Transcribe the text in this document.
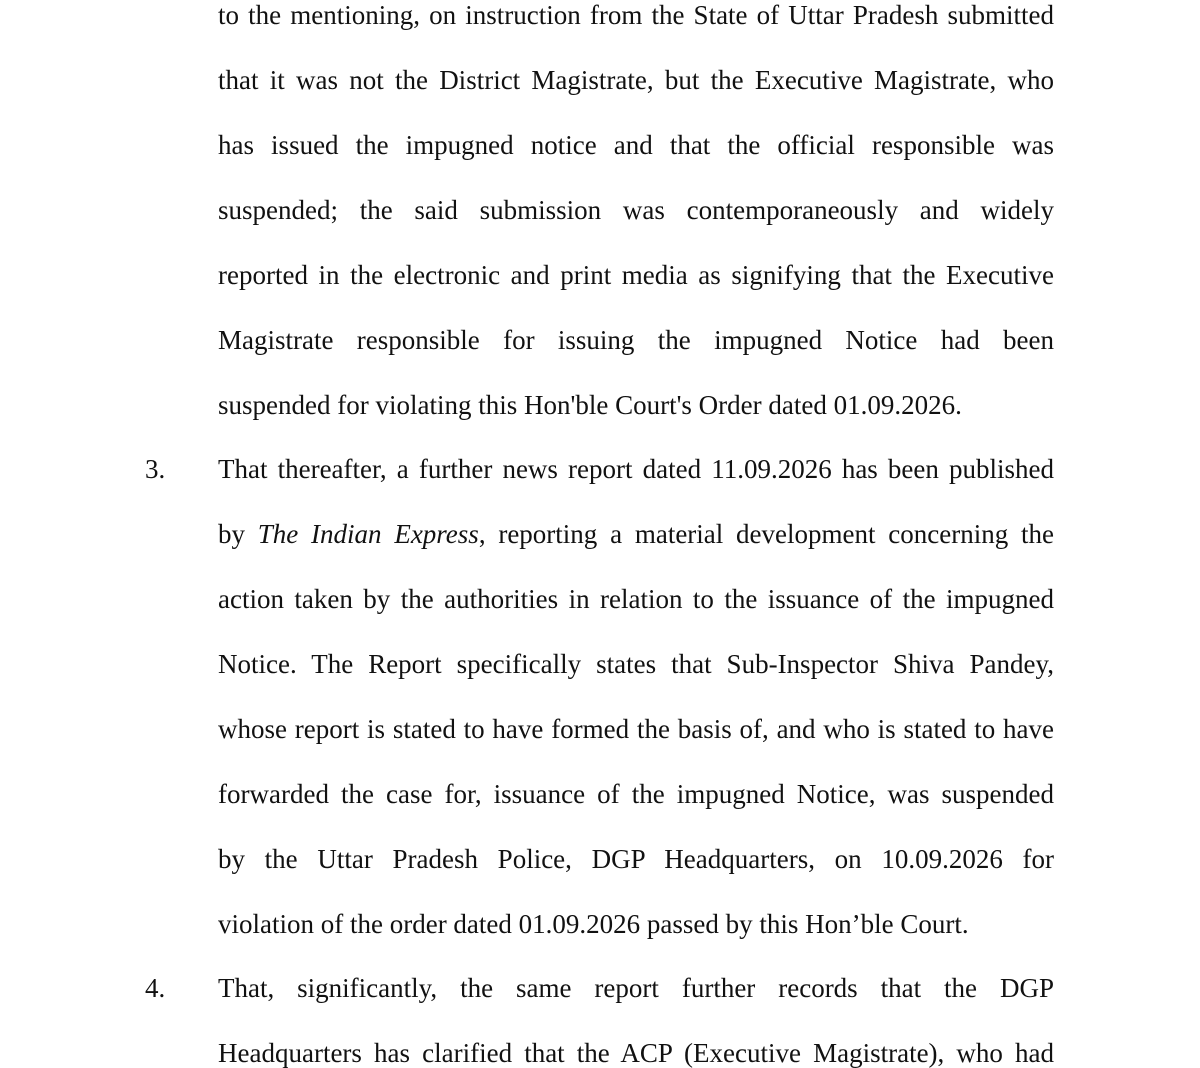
to the mentioning, on instruction from the State of Uttar Pradesh submitted
that it was not the District Magistrate, but the Executive Magistrate, who
has issued the impugned notice and that the official responsible was
suspended; the said submission was contemporaneously and widely
reported in the electronic and print media as signifying that the Executive
Magistrate responsible for issuing the impugned Notice had been
suspended for violating this Hon'ble Court's Order dated 01.09.2026.
3. That thereafter, a further news report dated 11.09.2026 has been published
by The Indian Express, reporting a material development concerning the
action taken by the authorities in relation to the issuance of the impugned
Notice. The Report specifically states that Sub-Inspector Shiva Pandey,
whose report is stated to have formed the basis of, and who is stated to have
forwarded the case for, issuance of the impugned Notice, was suspended
by the Uttar Pradesh Police, DGP Headquarters, on 10.09.2026 for
violation of the order dated 01.09.2026 passed by this Hon’ble Court.
4. That, significantly, the same report further records that the DGP
Headquarters has clarified that the ACP (Executive Magistrate), who had
